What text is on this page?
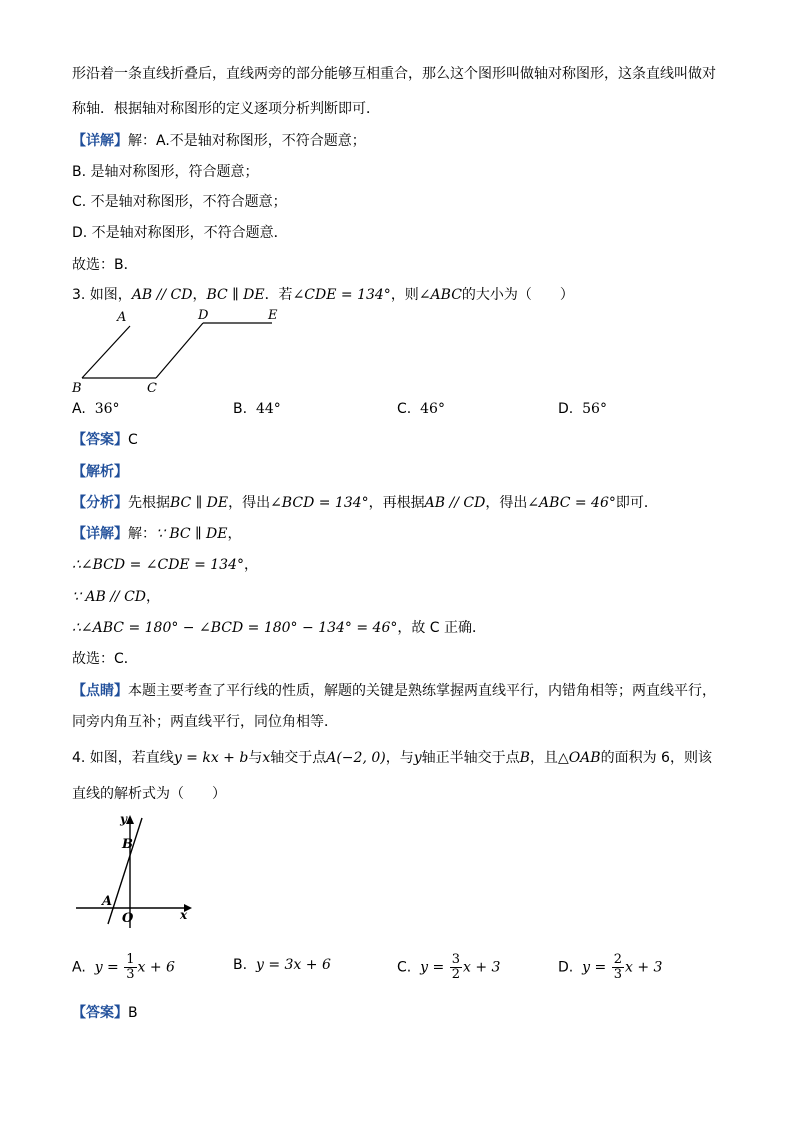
形沿着一条直线折叠后，直线两旁的部分能够互相重合，那么这个图形叫做轴对称图形，这条直线叫做对
称轴．根据轴对称图形的定义逐项分析判断即可．
【详解】解：A.不是轴对称图形，不符合题意；
B. 是轴对称图形，符合题意；
C. 不是轴对称图形，不符合题意；
D. 不是轴对称图形，不符合题意．
故选：B．
3. 如图，AB // CD，BC ∥ DE．若∠CDE = 134°，则∠ABC的大小为（　　）
A
B	C
D	E
A. 36°	B. 44°	C. 46°	D. 56°
【答案】C
【解析】
【分析】先根据BC ∥ DE，得出∠BCD = 134°，再根据AB // CD，得出∠ABC = 46°即可．
【详解】解：∵ BC ∥ DE，
∴∠BCD = ∠CDE = 134°，
∵ AB // CD，
∴∠ABC = 180° − ∠BCD = 180° − 134° = 46°，故 C 正确．
故选：C．
【点睛】本题主要考查了平行线的性质，解题的关键是熟练掌握两直线平行，内错角相等；两直线平行，
同旁内角互补；两直线平行，同位角相等．
4. 如图，若直线y = kx + b与x轴交于点A(−2, 0)，与y轴正半轴交于点B，且△OAB的面积为 6，则该
直线的解析式为（　　）
y
B
A
O	x
A. $y = \frac{1}{3}$ x + 6	B. y = 3x + 6	C. $y = \frac{3}{2}$ x + 3	D. $y = \frac{2}{3}$ x + 3
【答案】B
